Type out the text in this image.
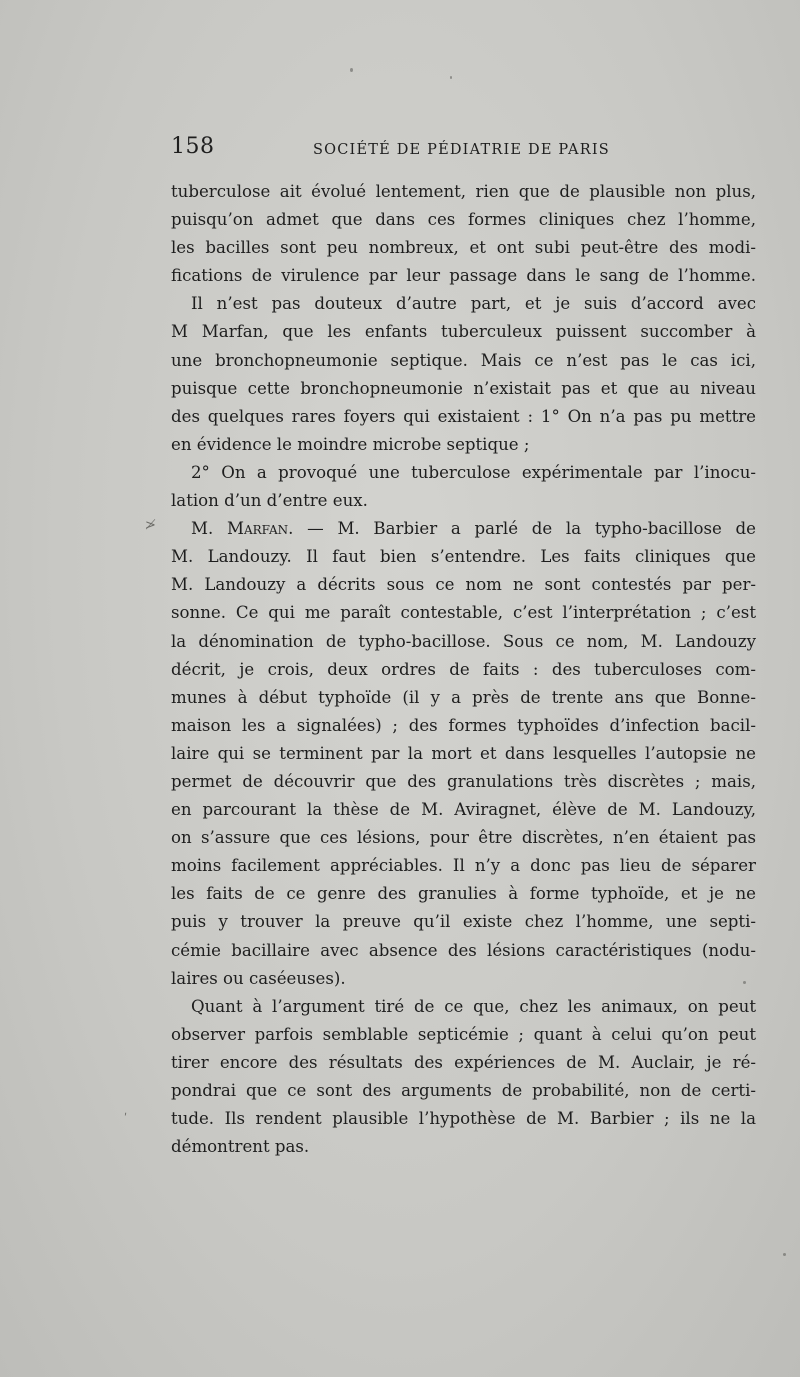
158	SOCIÉTÉ DE PÉDIATRIE DE PARIS
≯
ʹ
tuberculose ait évolué lentement, rien que de plausible non plus,
puisqu’on admet que dans ces formes cliniques chez l’homme,
les bacilles sont peu nombreux, et ont subi peut-être des modi-
fications de virulence par leur passage dans le sang de l’homme.
Il n’est pas douteux d’autre part, et je suis d’accord avec
M Marfan, que les enfants tuberculeux puissent succomber à
une bronchopneumonie septique. Mais ce n’est pas le cas ici,
puisque cette bronchopneumonie n’existait pas et que au niveau
des quelques rares foyers qui existaient : 1° On n’a pas pu mettre
en évidence le moindre microbe septique ;
2° On a provoqué une tuberculose expérimentale par l’inocu-
lation d’un d’entre eux.
M. Marfan. — M. Barbier a parlé de la typho-bacillose de
M. Landouzy. Il faut bien s’entendre. Les faits cliniques que
M. Landouzy a décrits sous ce nom ne sont contestés par per-
sonne. Ce qui me paraît contestable, c’est l’interprétation ; c’est
la dénomination de typho-bacillose. Sous ce nom, M. Landouzy
décrit, je crois, deux ordres de faits : des tuberculoses com-
munes à début typhoïde (il y a près de trente ans que Bonne-
maison les a signalées) ; des formes typhoïdes d’infection bacil-
laire qui se terminent par la mort et dans lesquelles l’autopsie ne
permet de découvrir que des granulations très discrètes ; mais,
en parcourant la thèse de M. Aviragnet, élève de M. Landouzy,
on s’assure que ces lésions, pour être discrètes, n’en étaient pas
moins facilement appréciables. Il n’y a donc pas lieu de séparer
les faits de ce genre des granulies à forme typhoïde, et je ne
puis y trouver la preuve qu’il existe chez l’homme, une septi-
cémie bacillaire avec absence des lésions caractéristiques (nodu-
laires ou caséeuses).
Quant à l’argument tiré de ce que, chez les animaux, on peut
observer parfois semblable septicémie ; quant à celui qu’on peut
tirer encore des résultats des expériences de M. Auclair, je ré-
pondrai que ce sont des arguments de probabilité, non de certi-
tude. Ils rendent plausible l’hypothèse de M. Barbier ; ils ne la
démontrent pas.
